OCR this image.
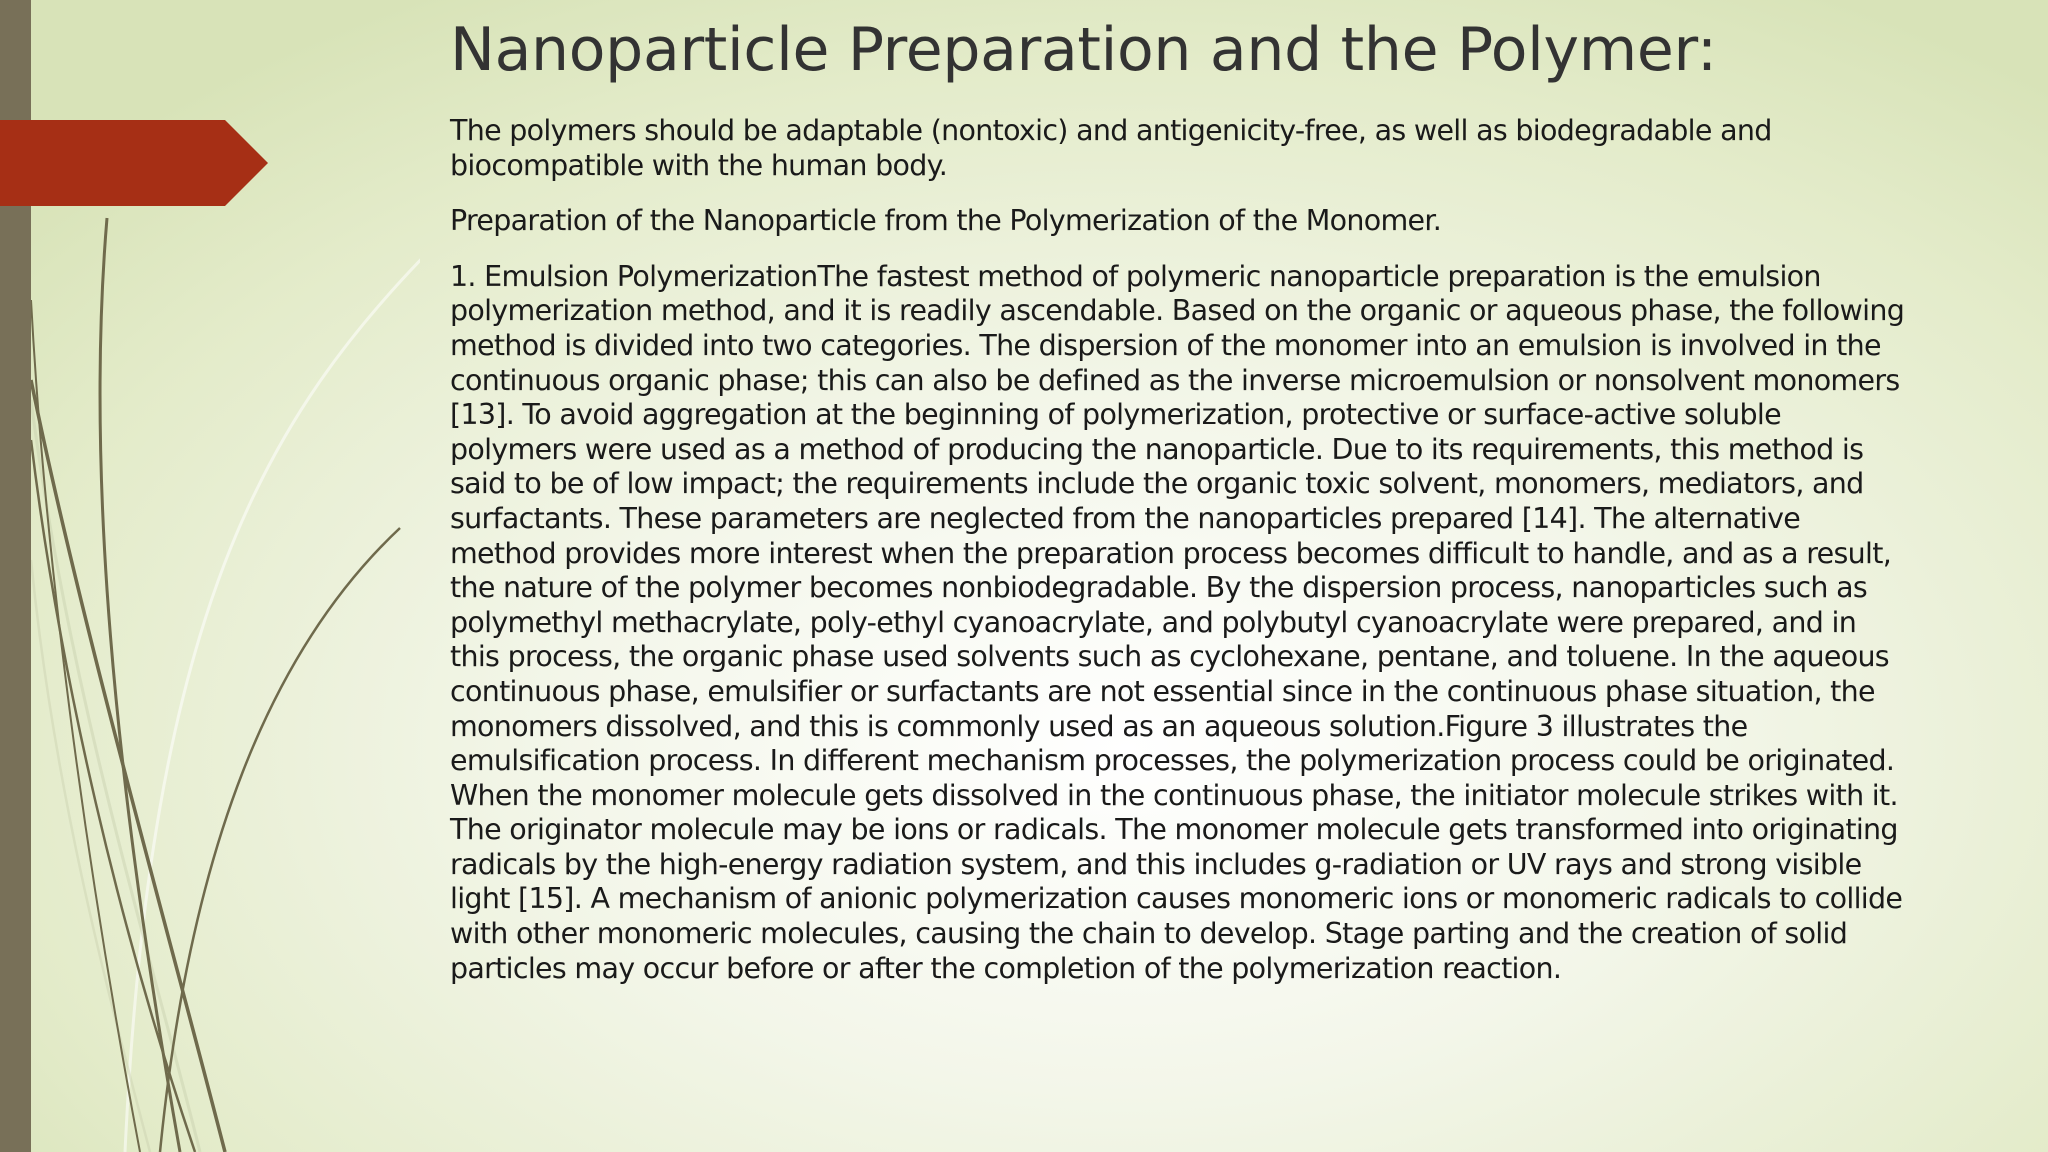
Nanoparticle Preparation and the Polymer:

The polymers should be adaptable (nontoxic) and antigenicity-free, as well as biodegradable and biocompatible with the human body.

Preparation of the Nanoparticle from the Polymerization of the Monomer.

1. Emulsion PolymerizationThe fastest method of polymeric nanoparticle preparation is the emulsion polymerization method, and it is readily ascendable. Based on the organic or aqueous phase, the following method is divided into two categories. The dispersion of the monomer into an emulsion is involved in the continuous organic phase; this can also be defined as the inverse microemulsion or nonsolvent monomers [13]. To avoid aggregation at the beginning of polymerization, protective or surface-active soluble polymers were used as a method of producing the nanoparticle. Due to its requirements, this method is said to be of low impact; the requirements include the organic toxic solvent, monomers, mediators, and surfactants. These parameters are neglected from the nanoparticles prepared [14]. The alternative method provides more interest when the preparation process becomes difficult to handle, and as a result, the nature of the polymer becomes nonbiodegradable. By the dispersion process, nanoparticles such as polymethyl methacrylate, poly-ethyl cyanoacrylate, and polybutyl cyanoacrylate were prepared, and in this process, the organic phase used solvents such as cyclohexane, pentane, and toluene. In the aqueous continuous phase, emulsifier or surfactants are not essential since in the continuous phase situation, the monomers dissolved, and this is commonly used as an aqueous solution.Figure 3 illustrates the emulsification process. In different mechanism processes, the polymerization process could be originated. When the monomer molecule gets dissolved in the continuous phase, the initiator molecule strikes with it. The originator molecule may be ions or radicals. The monomer molecule gets transformed into originating radicals by the high-energy radiation system, and this includes g-radiation or UV rays and strong visible light [15]. A mechanism of anionic polymerization causes monomeric ions or monomeric radicals to collide with other monomeric molecules, causing the chain to develop. Stage parting and the creation of solid particles may occur before or after the completion of the polymerization reaction.
